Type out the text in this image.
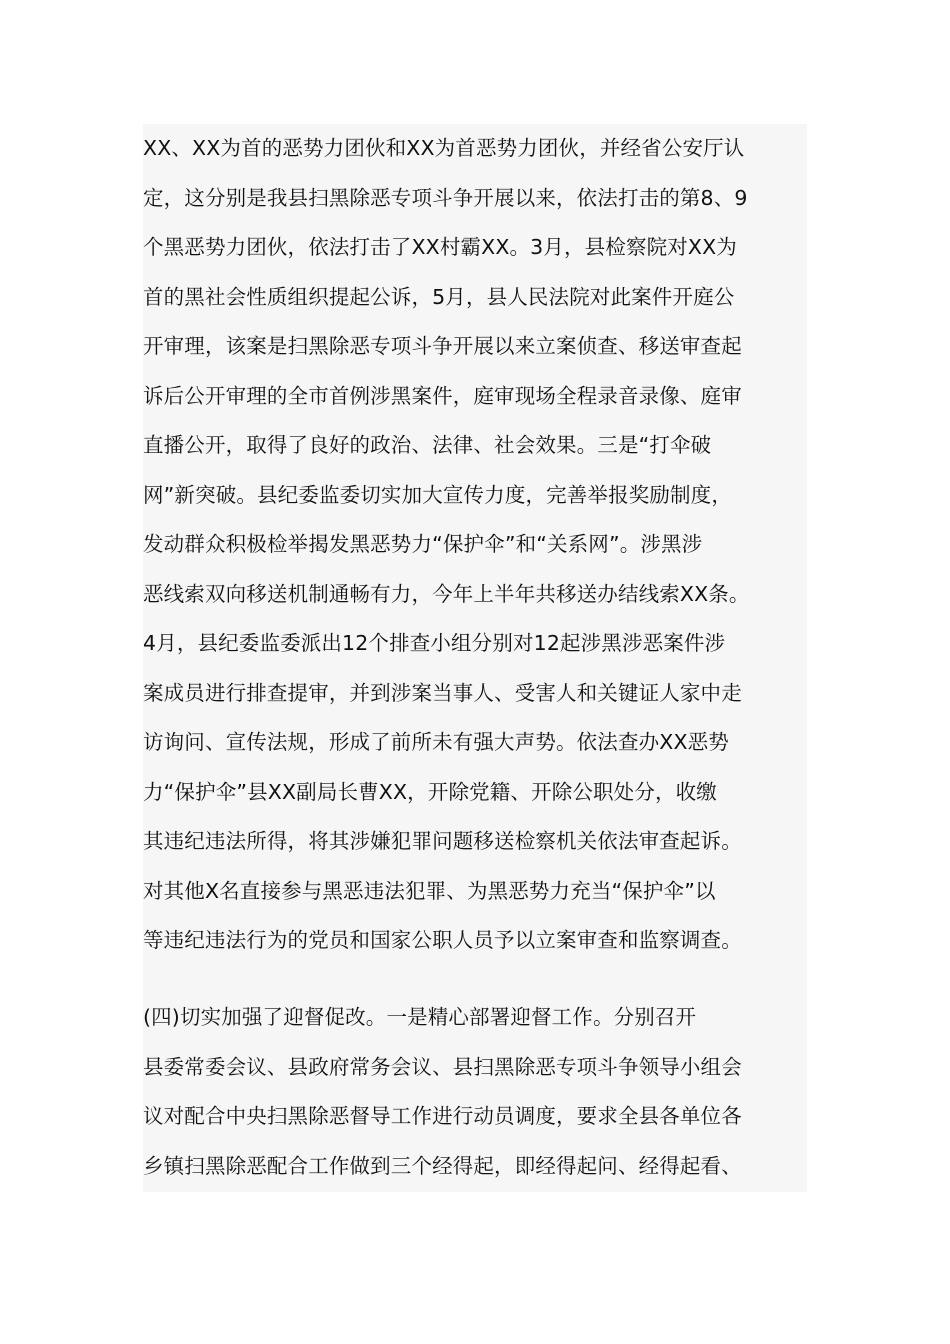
XX、XX为首的恶势力团伙和XX为首恶势力团伙，并经省公安厅认
定，这分别是我县扫黑除恶专项斗争开展以来，依法打击的第8、9
个黑恶势力团伙，依法打击了XX村霸XX。3月，县检察院对XX为
首的黑社会性质组织提起公诉，5月，县人民法院对此案件开庭公
开审理，该案是扫黑除恶专项斗争开展以来立案侦查、移送审查起
诉后公开审理的全市首例涉黑案件，庭审现场全程录音录像、庭审
直播公开，取得了良好的政治、法律、社会效果。三是“打伞破
网”新突破。县纪委监委切实加大宣传力度，完善举报奖励制度，
发动群众积极检举揭发黑恶势力“保护伞”和“关系网”。涉黑涉
恶线索双向移送机制通畅有力，今年上半年共移送办结线索XX条。
4月，县纪委监委派出12个排查小组分别对12起涉黑涉恶案件涉
案成员进行排查提审，并到涉案当事人、受害人和关键证人家中走
访询问、宣传法规，形成了前所未有强大声势。依法查办XX恶势
力“保护伞”县XX副局长曹XX，开除党籍、开除公职处分，收缴
其违纪违法所得，将其涉嫌犯罪问题移送检察机关依法审查起诉。
对其他X名直接参与黑恶违法犯罪、为黑恶势力充当“保护伞”以
等违纪违法行为的党员和国家公职人员予以立案审查和监察调查。
(四)切实加强了迎督促改。一是精心部署迎督工作。分别召开
县委常委会议、县政府常务会议、县扫黑除恶专项斗争领导小组会
议对配合中央扫黑除恶督导工作进行动员调度，要求全县各单位各
乡镇扫黑除恶配合工作做到三个经得起，即经得起问、经得起看、
